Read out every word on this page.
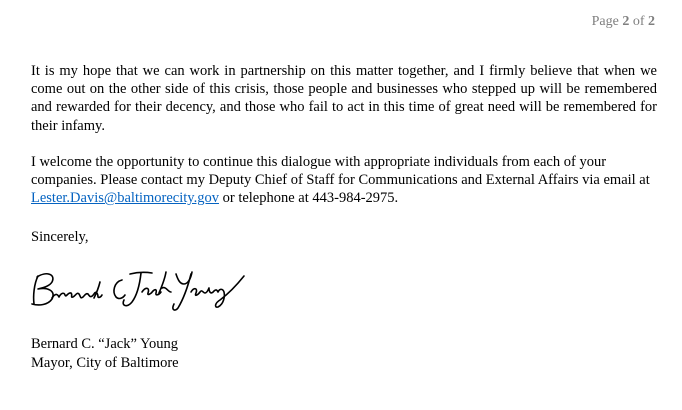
Page 2 of 2

It is my hope that we can work in partnership on this matter together, and I firmly believe that when we come out on the other side of this crisis, those people and businesses who stepped up will be remembered and rewarded for their decency, and those who fail to act in this time of great need will be remembered for their infamy.

I welcome the opportunity to continue this dialogue with appropriate individuals from each of your companies. Please contact my Deputy Chief of Staff for Communications and External Affairs via email at Lester.Davis@baltimorecity.gov or telephone at 443-984-2975.

Sincerely,
Bernard C. “Jack” Young
Mayor, City of Baltimore
